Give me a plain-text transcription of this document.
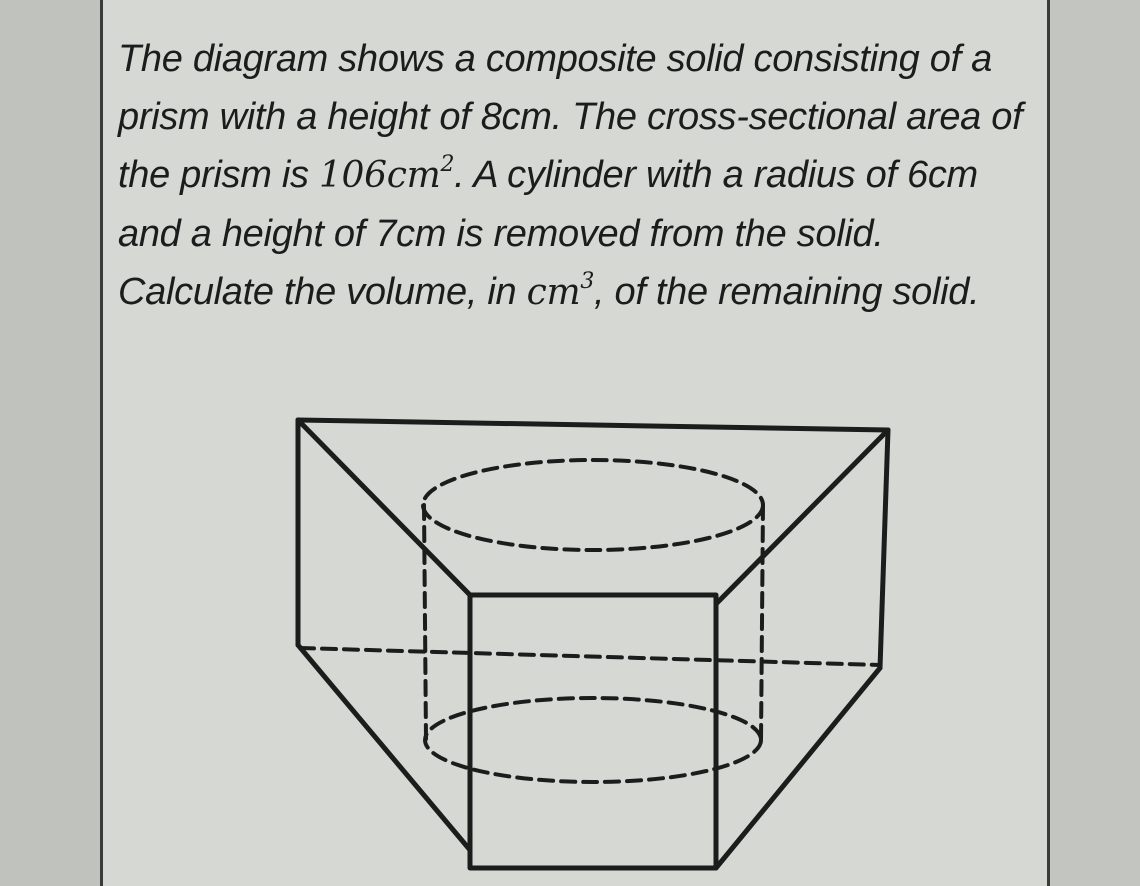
The diagram shows a composite solid consisting of a
prism with a height of 8cm. The cross-sectional area of
the prism is $106cm^2$. A cylinder with a radius of 6cm
and a height of 7cm is removed from the solid.
Calculate the volume, in $cm^3$, of the remaining solid.
